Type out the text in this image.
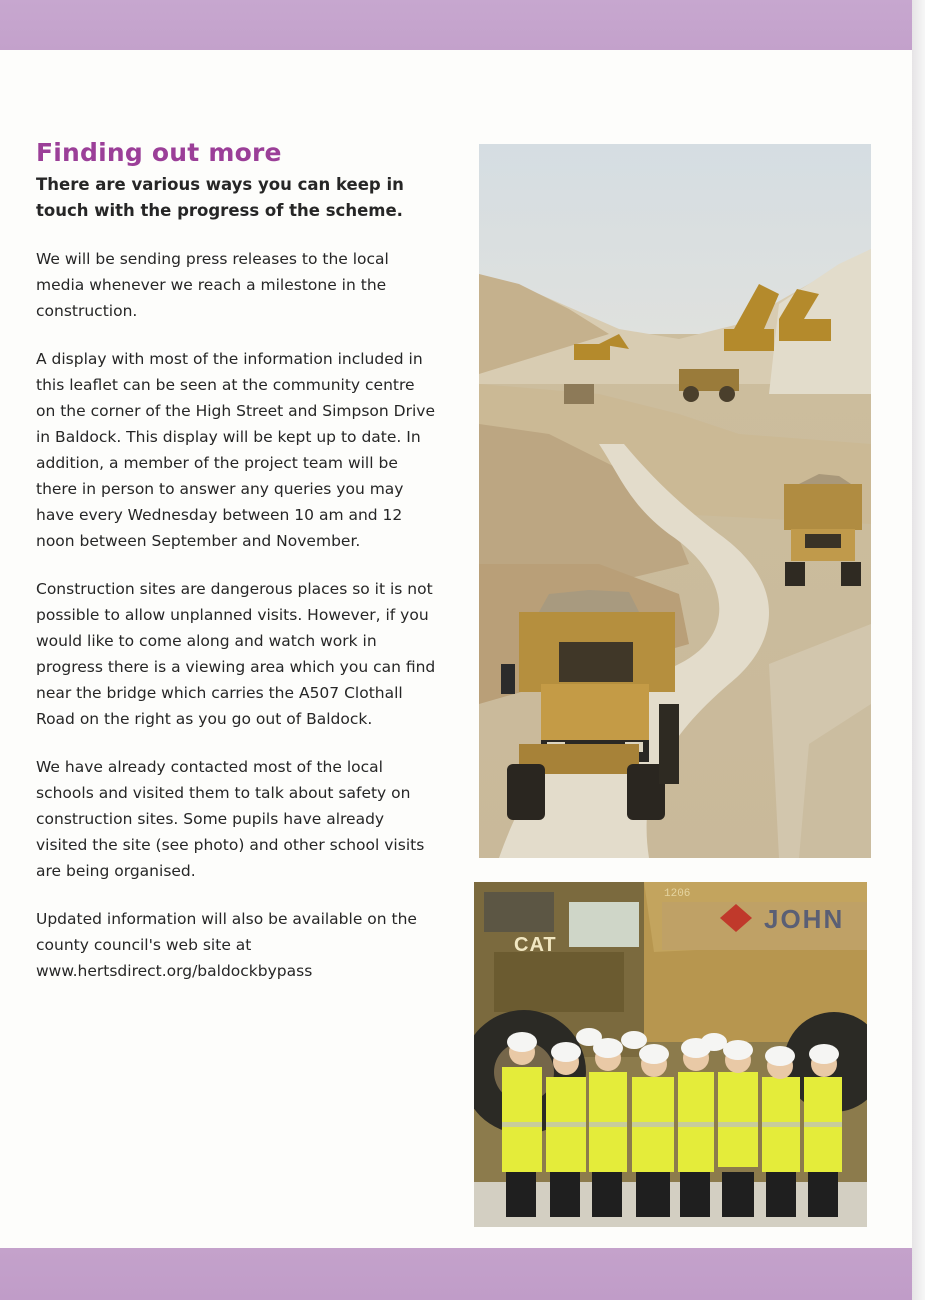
Finding out more
There are various ways you can keep in touch with the progress of the scheme.

We will be sending press releases to the local media whenever we reach a milestone in the construction.

A display with most of the information included in this leaflet can be seen at the community centre on the corner of the High Street and Simpson Drive in Baldock. This display will be kept up to date. In addition, a member of the project team will be there in person to answer any queries you may have every Wednesday between 10 am and 12 noon between September and November.

Construction sites are dangerous places so it is not possible to allow unplanned visits. However, if you would like to come along and watch work in progress there is a viewing area which you can find near the bridge which carries the A507 Clothall Road on the right as you go out of Baldock.

We have already contacted most of the local schools and visited them to talk about safety on construction sites. Some pupils have already visited the site (see photo) and other school visits are being organised.

Updated information will also be available on the county council's web site at www.hertsdirect.org/baldockbypass

CAT
1206
JOHN
